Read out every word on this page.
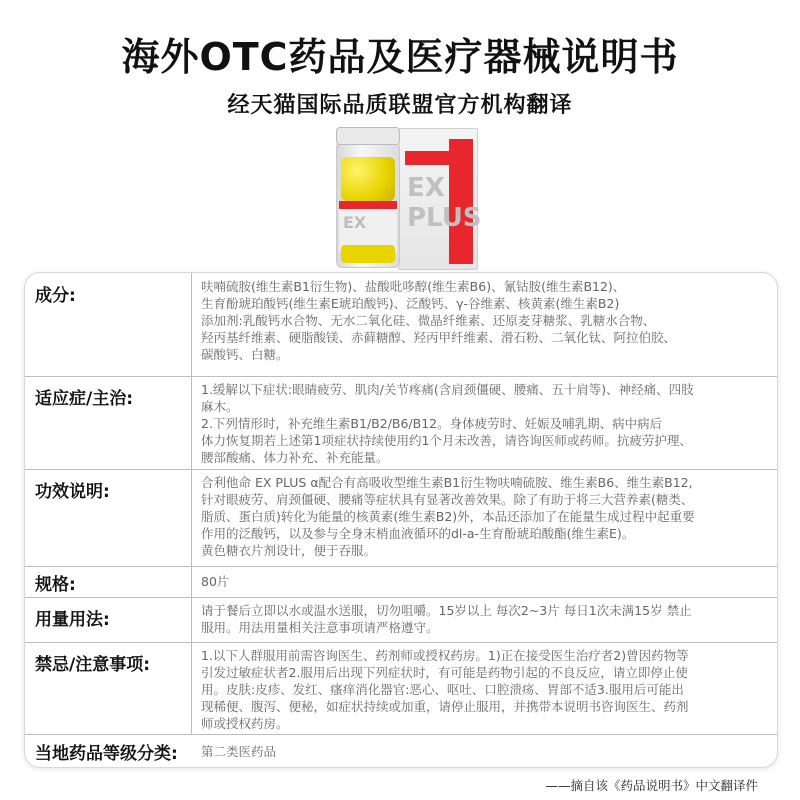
海外OTC药品及医疗器械说明书
经天猫国际品质联盟官方机构翻译
EX PLUS
EX
成分:	呋喃硫胺(维生素B1衍生物)、盐酸吡哆醇(维生素B6)、氰钴胺(维生素B12)、

生育酚琥珀酸钙(维生素E琥珀酸钙)、泛酸钙、γ-谷维素、核黄素(维生素B2)

添加剂:乳酸钙水合物、无水二氧化硅、微晶纤维素、还原麦芽糖浆、乳糖水合物、

羟丙基纤维素、硬脂酸镁、赤藓糖醇、羟丙甲纤维素、滑石粉、二氧化钛、阿拉伯胶、

碳酸钙、白糖。

适应症/主治:	1.缓解以下症状:眼睛疲劳、肌肉/关节疼痛(含肩颈僵硬、腰痛、五十肩等)、神经痛、四肢

麻木。

2.下列情形时，补充维生素B1/B2/B6/B12。身体疲劳时、妊娠及哺乳期、病中病后

体力恢复期若上述第1项症状持续使用约1个月未改善，请咨询医师或药师。抗疲劳护理、

腰部酸痛、体力补充、补充能量。

功效说明:	合利他命 EX PLUS α配合有高吸收型维生素B1衍生物呋喃硫胺、维生素B6、维生素B12,

针对眼疲劳、肩颈僵硬、腰痛等症状具有显著改善效果。除了有助于将三大营养素(糖类、

脂质、蛋白质)转化为能量的核黄素(维生素B2)外，本品还添加了在能量生成过程中起重要

作用的泛酸钙，以及参与全身末梢血液循环的dl-a-生育酚琥珀酸酯(维生素E)。

黄色糖衣片剂设计，便于吞服。

规格:	80片

用量用法:	请于餐后立即以水或温水送服，切勿咀嚼。15岁以上 每次2~3片 每日1次未满15岁 禁止

服用。用法用量相关注意事项请严格遵守。

禁忌/注意事项:	1.以下人群服用前需咨询医生、药剂师或授权药房。1)正在接受医生治疗者2)曾因药物等

引发过敏症状者2.服用后出现下列症状时，有可能是药物引起的不良反应，请立即停止使

用。皮肤:皮疹、发红、瘙痒消化器官:恶心、呕吐、口腔溃疡、胃部不适3.服用后可能出

现稀便、腹泻、便秘，如症状持续或加重，请停止服用，并携带本说明书咨询医生、药剂

师或授权药房。

当地药品等级分类: 第二类医药品

——摘自该《药品说明书》中文翻译件
